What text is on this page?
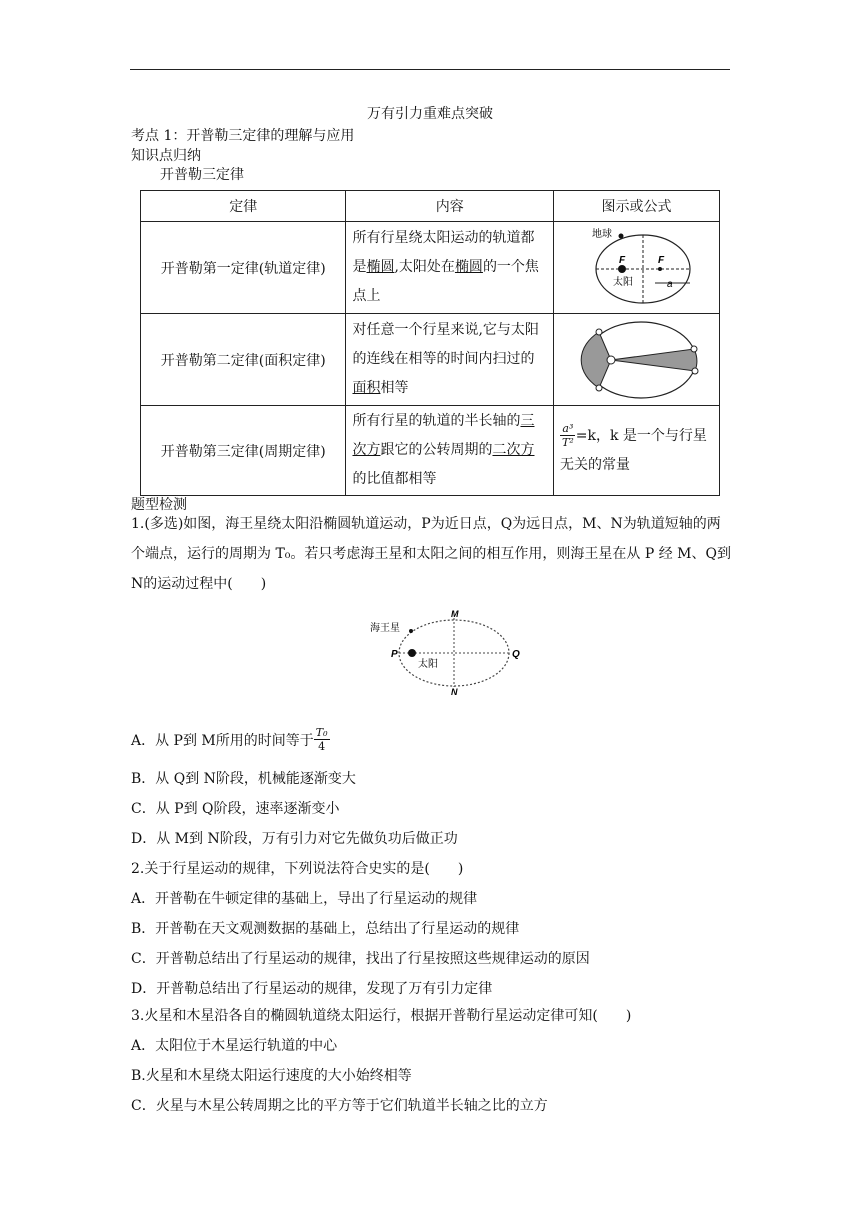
万有引力重难点突破
考点 1：开普勒三定律的理解与应用
知识点归纳
开普勒三定律
定律	内容	图示或公式
开普勒第一定律(轨道定律)	所有行星绕太阳运动的轨道都是椭圆,太阳处在椭圆的一个焦点上	地球
F F
太阳 a

开普勒第二定律(面积定律)	对任意一个行星来说,它与太阳的连线在相等的时间内扫过的面积相等	

开普勒第三定律(周期定律)	所有行星的轨道的半长轴的三次方跟它的公转周期的二次方的比值都相等	$\frac{\text{a³}}{\text{T²}}=k$，k 是一个与行星无关的常量
题型检测
1.(多选)如图，海王星绕太阳沿椭圆轨道运动，P为近日点，Q为远日点，M、N为轨道短轴的两个端点，运行的周期为 T₀。若只考虑海王星和太阳之间的相互作用，则海王星在从 P 经 M、Q到 N的运动过程中(　　)
海王星
M
N
P	Q
太阳
A．从 P到 M所用的时间等于$\frac{\text{T₀}}{4}$
B．从 Q到 N阶段，机械能逐渐变大
C．从 P到 Q阶段，速率逐渐变小
D．从 M到 N阶段，万有引力对它先做负功后做正功
2.关于行星运动的规律，下列说法符合史实的是(　　)
A．开普勒在牛顿定律的基础上，导出了行星运动的规律
B．开普勒在天文观测数据的基础上，总结出了行星运动的规律
C．开普勒总结出了行星运动的规律，找出了行星按照这些规律运动的原因
D．开普勒总结出了行星运动的规律，发现了万有引力定律
3.火星和木星沿各自的椭圆轨道绕太阳运行，根据开普勒行星运动定律可知(　　)
A．太阳位于木星运行轨道的中心
B.火星和木星绕太阳运行速度的大小始终相等
C．火星与木星公转周期之比的平方等于它们轨道半长轴之比的立方
